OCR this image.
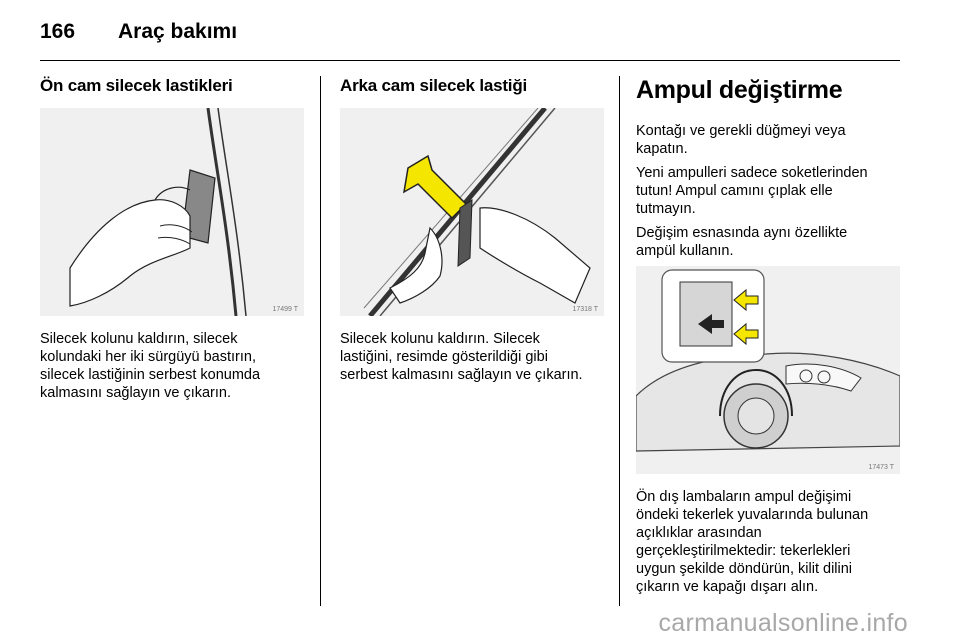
166	Araç bakımı
Ön cam silecek lastikleri
17499 T

Silecek kolunu kaldırın, silecek

kolundaki her iki sürgüyü bastırın,

silecek lastiğinin serbest konumda

kalmasını sağlayın ve çıkarın.

Arka cam silecek lastiği
17318 T

Silecek kolunu kaldırın. Silecek

lastiğini, resimde gösterildiği gibi

serbest kalmasını sağlayın ve çıkarın.

Ampul değiştirme

Kontağı ve gerekli düğmeyi veya

kapatın.

Yeni ampulleri sadece soketlerinden

tutun! Ampul camını çıplak elle

tutmayın.

Değişim esnasında aynı özellikte

ampül kullanın.

17473 T

Ön dış lambaların ampul değişimi

öndeki tekerlek yuvalarında bulunan

açıklıklar arasından

gerçekleştirilmektedir: tekerlekleri

uygun şekilde döndürün, kilit dilini

çıkarın ve kapağı dışarı alın.

carmanualsonline.info
